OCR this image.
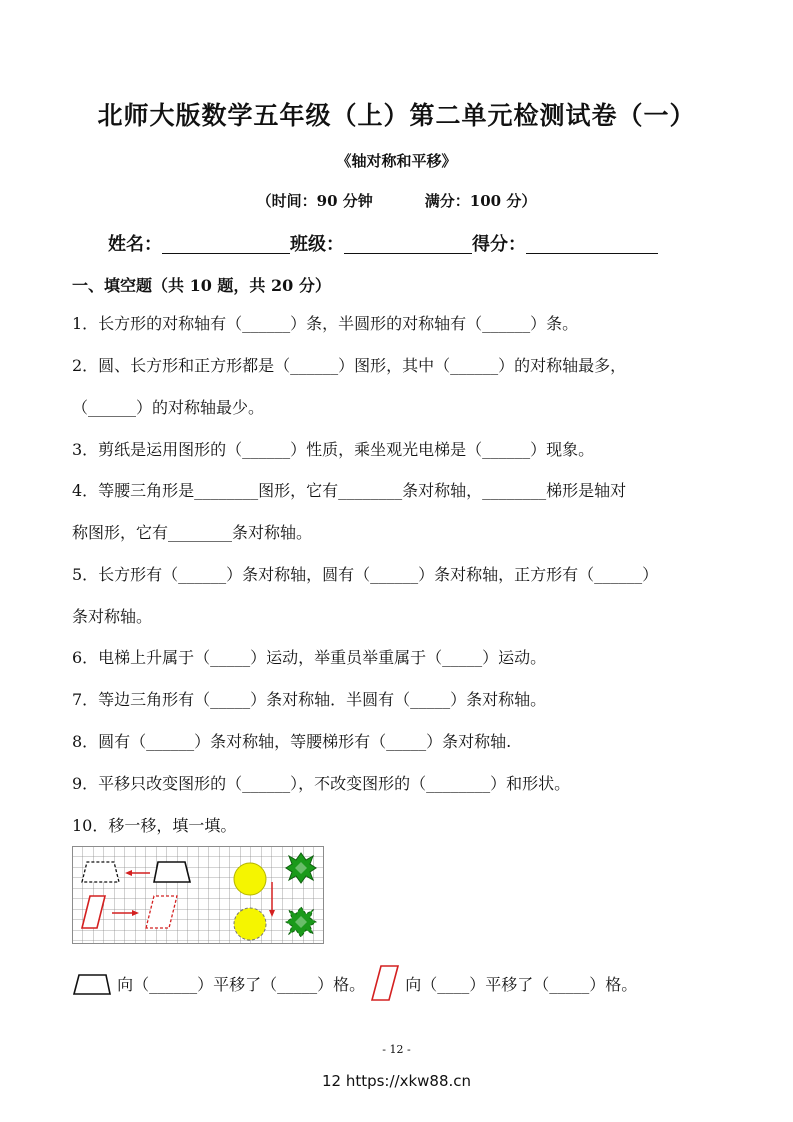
北师大版数学五年级（上）第二单元检测试卷（一）
《轴对称和平移》
（时间：90 分钟	满分：100 分）
姓名：	班级：	得分：
一、填空题（共 10 题，共 20 分）
1．长方形的对称轴有（______）条，半圆形的对称轴有（______）条。
2．圆、长方形和正方形都是（______）图形，其中（______）的对称轴最多，
（______）的对称轴最少。
3．剪纸是运用图形的（______）性质，乘坐观光电梯是（______）现象。
4．等腰三角形是________图形，它有________条对称轴，________梯形是轴对
称图形，它有________条对称轴。
5．长方形有（______）条对称轴，圆有（______）条对称轴，正方形有（______）
条对称轴。
6．电梯上升属于（_____）运动，举重员举重属于（_____）运动。
7．等边三角形有（_____）条对称轴．半圆有（_____）条对称轴。
8．圆有（______）条对称轴，等腰梯形有（_____）条对称轴.
9．平移只改变图形的（______），不改变图形的（________）和形状。
10．移一移，填一填。
向（______）平移了（_____）格。	向（____）平移了（_____）格。
- 12 -
12 https://xkw88.cn
